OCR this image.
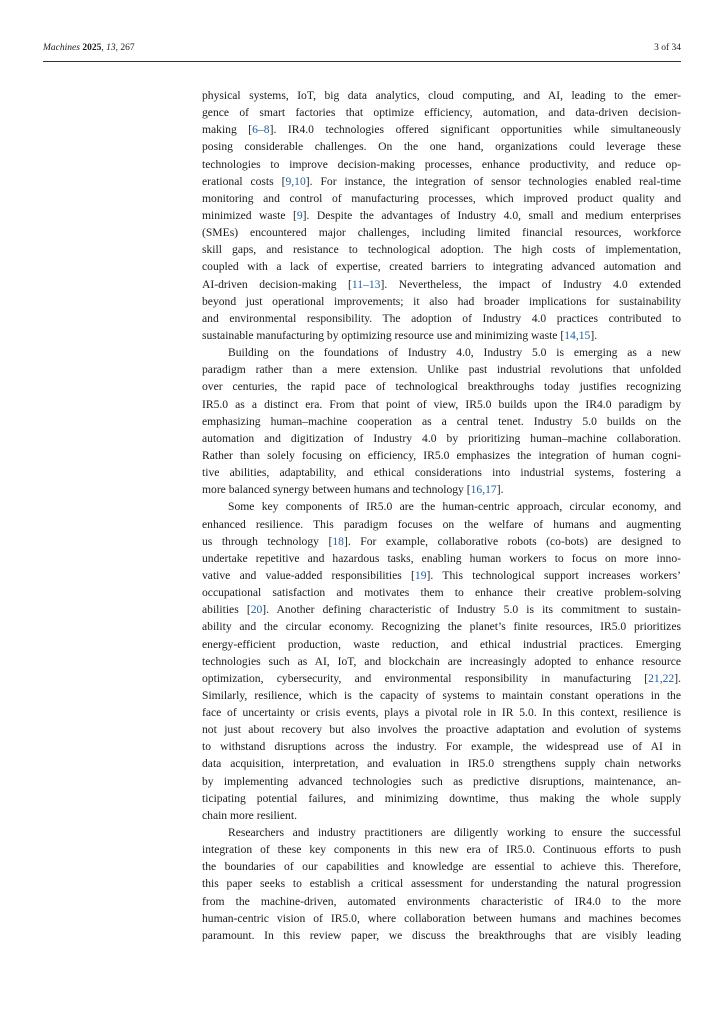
Machines 2025, 13, 267	3 of 34
physical systems, IoT, big data analytics, cloud computing, and AI, leading to the emer-
gence of smart factories that optimize efficiency, automation, and data-driven decision-
making [6–8]. IR4.0 technologies offered significant opportunities while simultaneously
posing considerable challenges. On the one hand, organizations could leverage these
technologies to improve decision-making processes, enhance productivity, and reduce op-
erational costs [9,10]. For instance, the integration of sensor technologies enabled real-time
monitoring and control of manufacturing processes, which improved product quality and
minimized waste [9]. Despite the advantages of Industry 4.0, small and medium enterprises
(SMEs) encountered major challenges, including limited financial resources, workforce
skill gaps, and resistance to technological adoption. The high costs of implementation,
coupled with a lack of expertise, created barriers to integrating advanced automation and
AI-driven decision-making [11–13]. Nevertheless, the impact of Industry 4.0 extended
beyond just operational improvements; it also had broader implications for sustainability
and environmental responsibility. The adoption of Industry 4.0 practices contributed to
sustainable manufacturing by optimizing resource use and minimizing waste [14,15].
Building on the foundations of Industry 4.0, Industry 5.0 is emerging as a new
paradigm rather than a mere extension. Unlike past industrial revolutions that unfolded
over centuries, the rapid pace of technological breakthroughs today justifies recognizing
IR5.0 as a distinct era. From that point of view, IR5.0 builds upon the IR4.0 paradigm by
emphasizing human–machine cooperation as a central tenet. Industry 5.0 builds on the
automation and digitization of Industry 4.0 by prioritizing human–machine collaboration.
Rather than solely focusing on efficiency, IR5.0 emphasizes the integration of human cogni-
tive abilities, adaptability, and ethical considerations into industrial systems, fostering a
more balanced synergy between humans and technology [16,17].
Some key components of IR5.0 are the human-centric approach, circular economy, and
enhanced resilience. This paradigm focuses on the welfare of humans and augmenting
us through technology [18]. For example, collaborative robots (co-bots) are designed to
undertake repetitive and hazardous tasks, enabling human workers to focus on more inno-
vative and value-added responsibilities [19]. This technological support increases workers’
occupational satisfaction and motivates them to enhance their creative problem-solving
abilities [20]. Another defining characteristic of Industry 5.0 is its commitment to sustain-
ability and the circular economy. Recognizing the planet’s finite resources, IR5.0 prioritizes
energy-efficient production, waste reduction, and ethical industrial practices. Emerging
technologies such as AI, IoT, and blockchain are increasingly adopted to enhance resource
optimization, cybersecurity, and environmental responsibility in manufacturing [21,22].
Similarly, resilience, which is the capacity of systems to maintain constant operations in the
face of uncertainty or crisis events, plays a pivotal role in IR 5.0. In this context, resilience is
not just about recovery but also involves the proactive adaptation and evolution of systems
to withstand disruptions across the industry. For example, the widespread use of AI in
data acquisition, interpretation, and evaluation in IR5.0 strengthens supply chain networks
by implementing advanced technologies such as predictive disruptions, maintenance, an-
ticipating potential failures, and minimizing downtime, thus making the whole supply
chain more resilient.
Researchers and industry practitioners are diligently working to ensure the successful
integration of these key components in this new era of IR5.0. Continuous efforts to push
the boundaries of our capabilities and knowledge are essential to achieve this. Therefore,
this paper seeks to establish a critical assessment for understanding the natural progression
from the machine-driven, automated environments characteristic of IR4.0 to the more
human-centric vision of IR5.0, where collaboration between humans and machines becomes
paramount. In this review paper, we discuss the breakthroughs that are visibly leading
